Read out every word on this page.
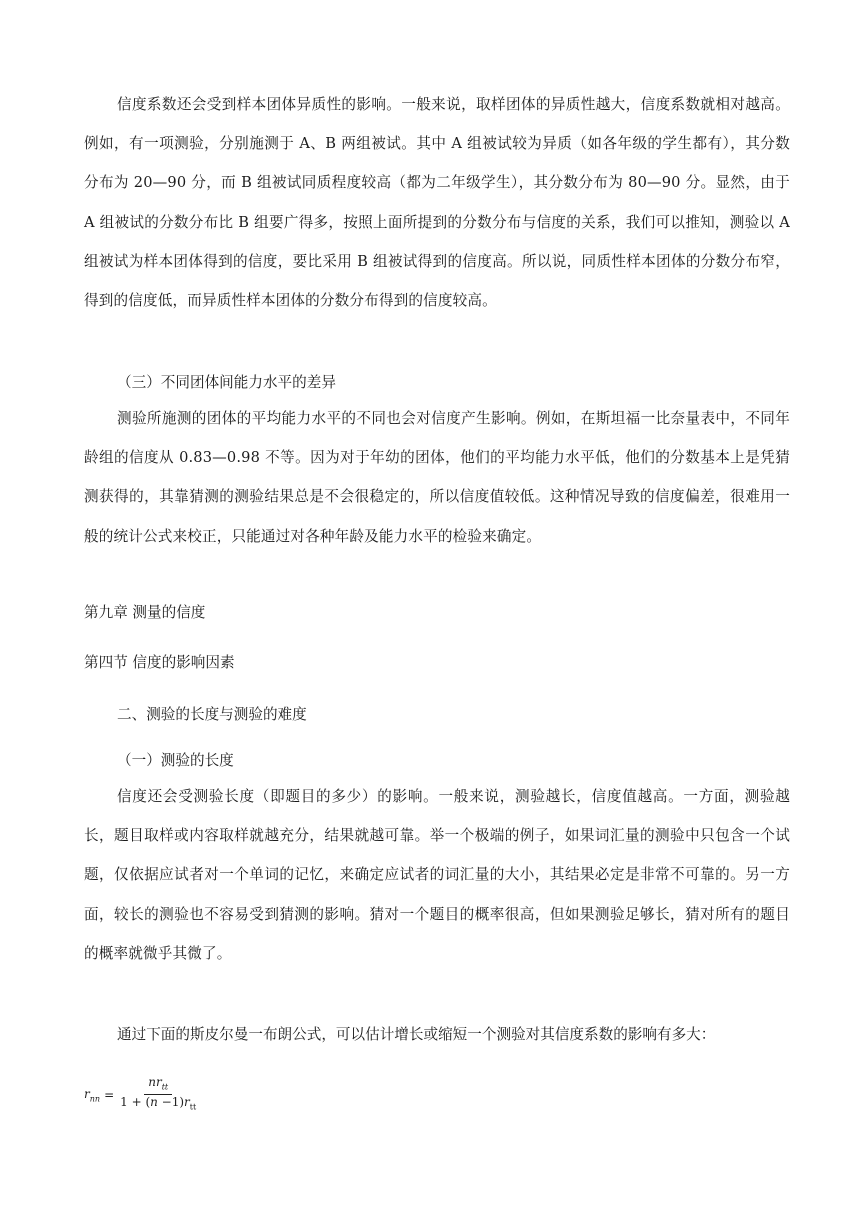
信度系数还会受到样本团体异质性的影响。一般来说，取样团体的异质性越大，信度系数就相对越高。例如，有一项测验，分别施测于 A、B 两组被试。其中 A 组被试较为异质（如各年级的学生都有），其分数分布为 20—90 分，而 B 组被试同质程度较高（都为二年级学生），其分数分布为 80—90 分。显然，由于 A 组被试的分数分布比 B 组要广得多，按照上面所提到的分数分布与信度的关系，我们可以推知，测验以 A 组被试为样本团体得到的信度，要比采用 B 组被试得到的信度高。所以说，同质性样本团体的分数分布窄，得到的信度低，而异质性样本团体的分数分布得到的信度较高。

（三）不同团体间能力水平的差异

测验所施测的团体的平均能力水平的不同也会对信度产生影响。例如，在斯坦福一比奈量表中，不同年龄组的信度从 0.83—0.98 不等。因为对于年幼的团体，他们的平均能力水平低，他们的分数基本上是凭猜测获得的，其靠猜测的测验结果总是不会很稳定的，所以信度值较低。这种情况导致的信度偏差，很难用一般的统计公式来校正，只能通过对各种年龄及能力水平的检验来确定。

第九章 测量的信度

第四节 信度的影响因素

二、测验的长度与测验的难度

（一）测验的长度

信度还会受测验长度（即题目的多少）的影响。一般来说，测验越长，信度值越高。一方面，测验越长，题目取样或内容取样就越充分，结果就越可靠。举一个极端的例子，如果词汇量的测验中只包含一个试题，仅依据应试者对一个单词的记忆，来确定应试者的词汇量的大小，其结果必定是非常不可靠的。另一方面，较长的测验也不容易受到猜测的影响。猜对一个题目的概率很高，但如果测验足够长，猜对所有的题目的概率就微乎其微了。

通过下面的斯皮尔曼一布朗公式，可以估计增长或缩短一个测验对其信度系数的影响有多大：

$r_{nn} = \frac{nr_{tt}}{1 + (n -1)r_{tt}}$
